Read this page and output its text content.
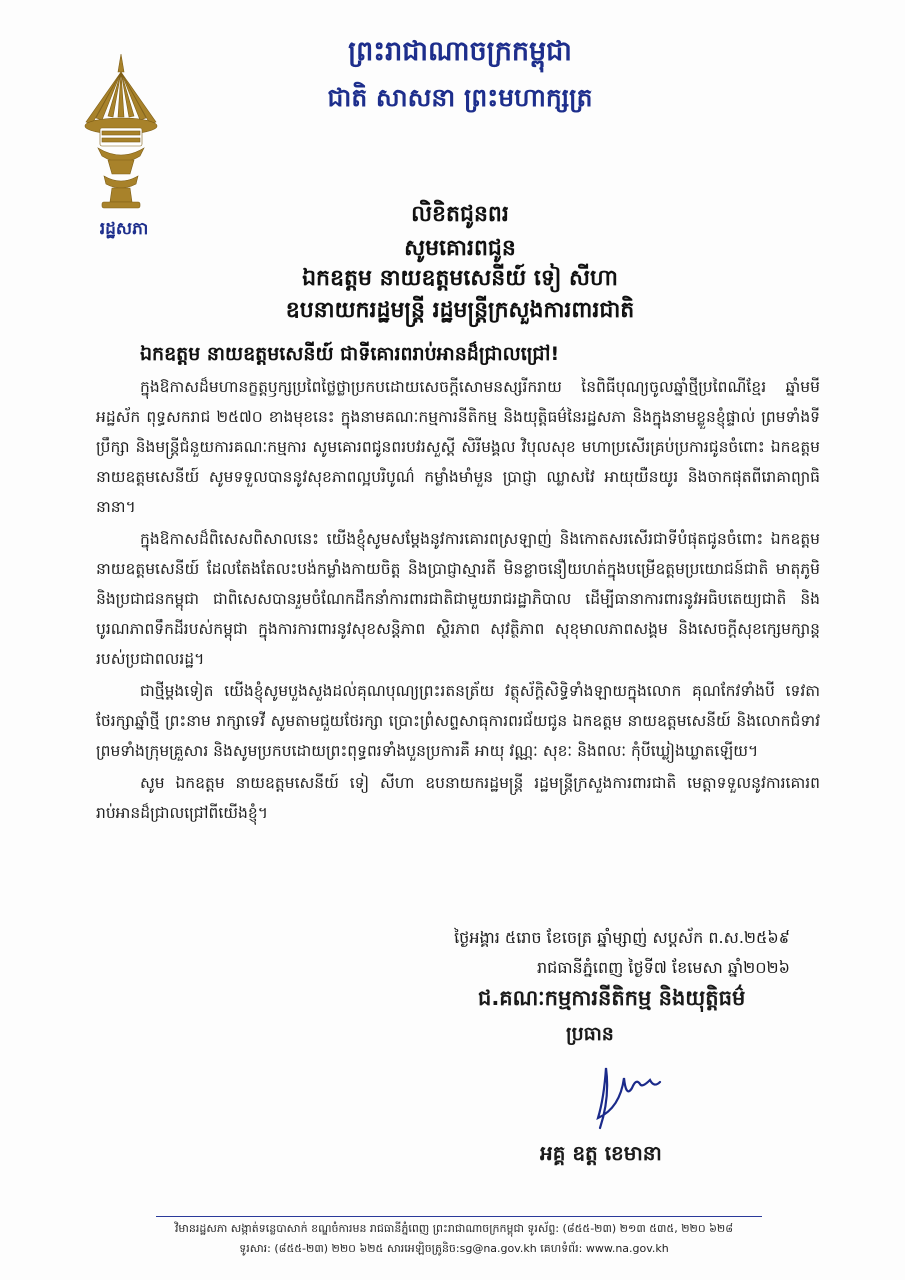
រដ្ឋសភា
ព្រះរាជាណាចក្រកម្ពុជា
ជាតិ សាសនា ព្រះមហាក្សត្រ
លិខិតជូនពរ
សូមគោរពជូន
ឯកឧត្តម នាយឧត្តមសេនីយ៍ ទៀ សីហា
ឧបនាយករដ្ឋមន្ត្រី រដ្ឋមន្ត្រីក្រសួងការពារជាតិ
ឯកឧត្តម នាយឧត្តមសេនីយ៍ ជាទីគោរពរាប់អានដ៏ជ្រាលជ្រៅ!

ក្នុងឱកាសដ៏មហានក្ខត្តឫក្សប្រពៃថ្លៃថ្លាប្រកបដោយសេចក្តីសោមនស្សរីករាយ នៃពិធីបុណ្យចូលឆ្នាំថ្មីប្រពៃណីខ្មែរ ឆ្នាំមមី អដ្ឋស័ក ពុទ្ធសករាជ ២៥៧០ ខាងមុខនេះ ក្នុងនាមគណៈកម្មការនីតិកម្ម និងយុត្តិធម៌នៃរដ្ឋសភា និងក្នុងនាមខ្លួនខ្ញុំផ្ទាល់ ព្រមទាំងទីប្រឹក្សា និងមន្ត្រីជំនួយការគណៈកម្មការ សូមគោរពជូនពរបវរសួស្តី សិរីមង្គល វិបុលសុខ មហាប្រសើរគ្រប់ប្រការជូនចំពោះ ឯកឧត្តម នាយឧត្តមសេនីយ៍ សូមទទួលបាននូវសុខភាពល្អបរិបូណ៌ កម្លាំងមាំមួន ប្រាជ្ញា ឈ្លាសវៃ អាយុយឺនយូរ និងចាកផុតពីរោគាព្យាធិនានា។

ក្នុងឱកាសដ៏ពិសេសពិសាលនេះ យើងខ្ញុំសូមសម្តែងនូវការគោរពស្រឡាញ់ និងកោតសរសើរជាទីបំផុតជូនចំពោះ ឯកឧត្តម នាយឧត្តមសេនីយ៍ ដែលតែងតែលះបង់កម្លាំងកាយចិត្ត និងប្រាជ្ញាស្មារតី មិនខ្លាចនឿយហត់ក្នុងបម្រើឧត្តមប្រយោជន៍ជាតិ មាតុភូមិ និងប្រជាជនកម្ពុជា ជាពិសេសបានរួមចំណែកដឹកនាំការពារជាតិជាមួយរាជរដ្ឋាភិបាល ដើម្បីធានាការពារនូវអធិបតេយ្យជាតិ និងបូរណភាពទឹកដីរបស់កម្ពុជា ក្នុងការការពារនូវសុខសន្តិភាព ស្ថិរភាព សុវត្ថិភាព សុខុមាលភាពសង្គម និងសេចក្តីសុខក្សេមក្សាន្តរបស់ប្រជាពលរដ្ឋ។

ជាថ្មីម្តងទៀត យើងខ្ញុំសូមបួងសួងដល់គុណបុណ្យព្រះរតនត្រ័យ វត្ថុស័ក្តិសិទ្ធិទាំងឡាយក្នុងលោក គុណកែវទាំងបី ទេវតាថែរក្សាឆ្នាំថ្មី ព្រះនាម រាក្សាទេវី សូមតាមជួយថែរក្សា ប្រោះព្រំសព្ទសាធុការពរជ័យជូន ឯកឧត្តម នាយឧត្តមសេនីយ៍ និងលោកជំទាវ ព្រមទាំងក្រុមគ្រួសារ និងសូមប្រកបដោយព្រះពុទ្ធពរទាំងបួនប្រការគឺ អាយុ វណ្ណៈ សុខៈ និងពលៈ កុំបីឃ្លៀងឃ្លាតឡើយ។

សូម ឯកឧត្តម នាយឧត្តមសេនីយ៍ ទៀ សីហា ឧបនាយករដ្ឋមន្ត្រី រដ្ឋមន្ត្រីក្រសួងការពារជាតិ មេត្តាទទួលនូវការគោរពរាប់អានដ៏ជ្រាលជ្រៅពីយើងខ្ញុំ។

ថ្ងៃអង្គារ ៥រោច ខែចេត្រ ឆ្នាំម្សាញ់ សប្តស័ក ព.ស.២៥៦៩
រាជធានីភ្នំពេញ ថ្ងៃទី៧ ខែមេសា ឆ្នាំ២០២៦
ជ.គណៈកម្មការនីតិកម្ម និងយុត្តិធម៌
ប្រធាន
អគ្គ ឧត្ត ខេមានា
វិមានរដ្ឋសភា សង្កាត់ទន្លេបាសាក់ ខណ្ឌចំការមន រាជធានីភ្នំពេញ ព្រះរាជាណាចក្រកម្ពុជា ទូរស័ព្ទ: (៨៥៥-២៣) ២១៣ ៥៣៥, ២២០ ៦២៨
ទូរសារ: (៨៥៥-២៣) ២២០ ៦២៥ សារអេឡិចត្រូនិច:sg@na.gov.kh គេហទំព័រ: www.na.gov.kh
